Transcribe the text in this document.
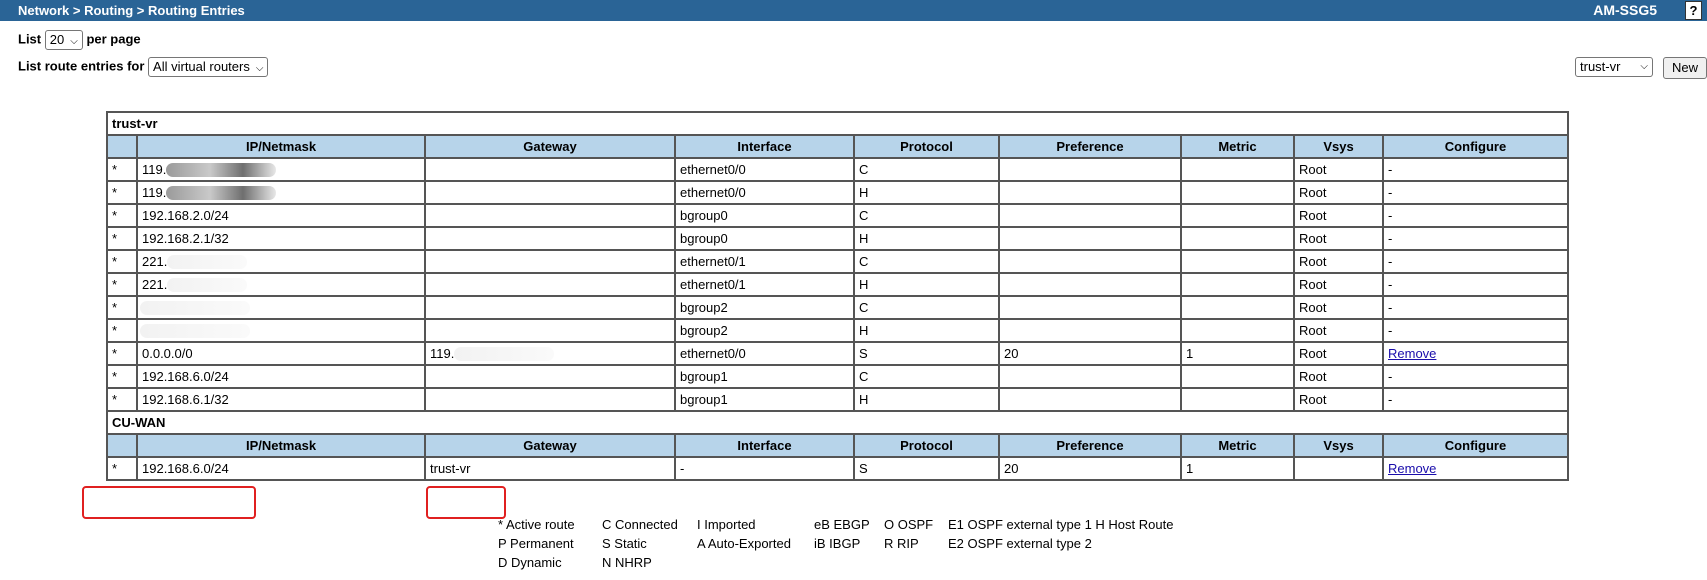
Network > Routing > Routing Entries	AM-SSG5	?
List 20 ⌵ per page
List route entries for All virtual routers ⌵	trust-vr ⌵	New
trust-vr								
	IP/Netmask	Gateway	Interface	Protocol	Preference	Metric	Vsys	Configure
*	119.		ethernet0/0	C			Root	-
*	119.		ethernet0/0	H			Root	-
*	192.168.2.0/24		bgroup0	C			Root	-
*	192.168.2.1/32		bgroup0	H			Root	-
*	221.		ethernet0/1	C			Root	-
*	221.		ethernet0/1	H			Root	-
*			bgroup2	C			Root	-
*			bgroup2	H			Root	-
*	0.0.0.0/0	119.	ethernet0/0	S	20	1	Root	Remove
*	192.168.6.0/24		bgroup1	C			Root	-
*	192.168.6.1/32		bgroup1	H			Root	-
CU-WAN								
	IP/Netmask	Gateway	Interface	Protocol	Preference	Metric	Vsys	Configure
*	192.168.6.0/24	trust-vr	-	S	20	1		Remove
* Active route C Connected I Imported	eB EBGP O OSPF E1 OSPF external type 1 H Host Route
P Permanent S Static	A Auto-Exported iB IBGP R RIP E2 OSPF external type 2
D Dynamic	N NHRP
